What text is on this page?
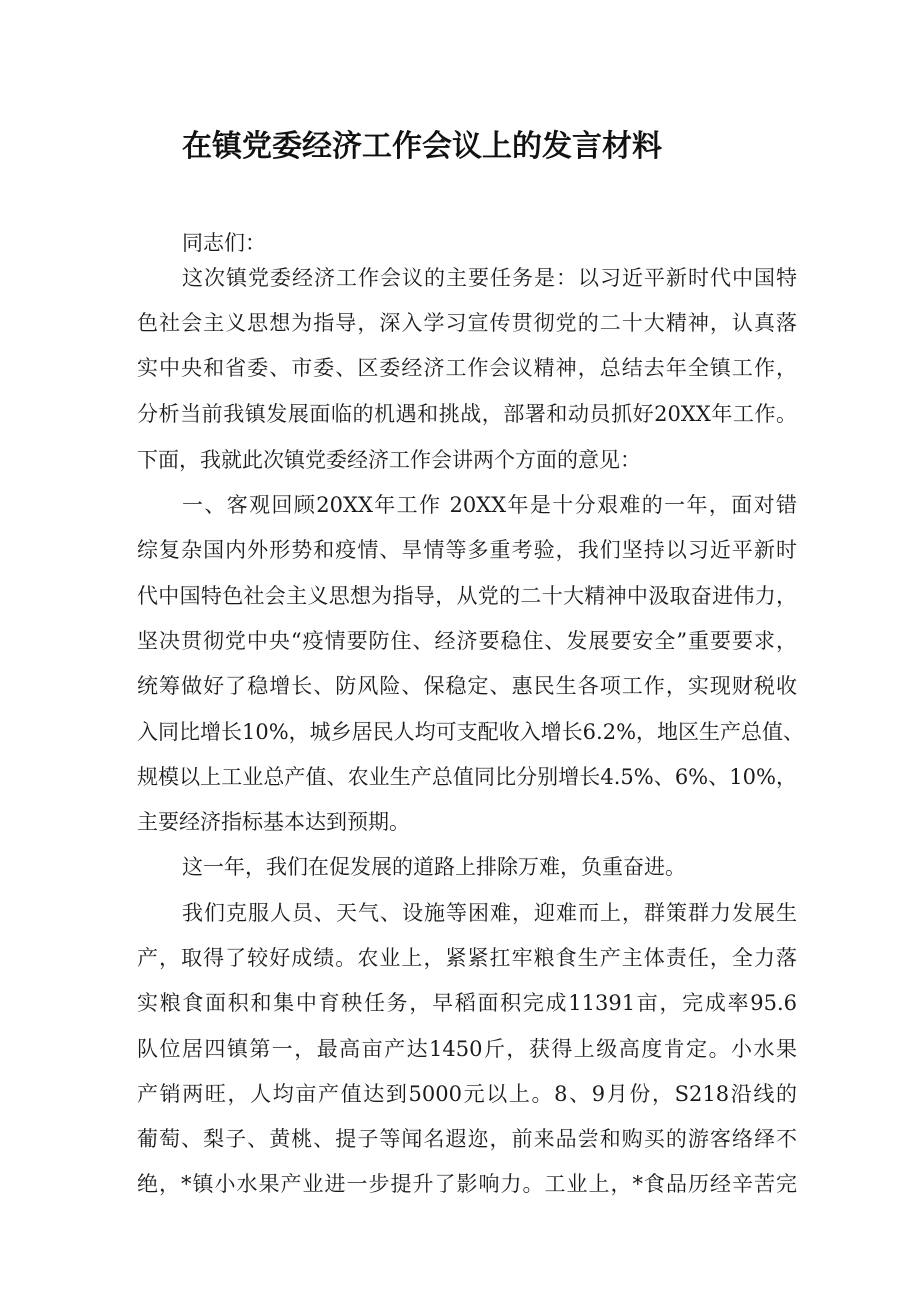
在镇党委经济工作会议上的发言材料
同志们：
这次镇党委经济工作会议的主要任务是：以习近平新时代中国特
色社会主义思想为指导，深入学习宣传贯彻党的二十大精神，认真落
实中央和省委、市委、区委经济工作会议精神，总结去年全镇工作，
分析当前我镇发展面临的机遇和挑战，部署和动员抓好20XX年工作。
下面，我就此次镇党委经济工作会讲两个方面的意见：
一、客观回顾20XX年工作 20XX年是十分艰难的一年，面对错
综复杂国内外形势和疫情、旱情等多重考验，我们坚持以习近平新时
代中国特色社会主义思想为指导，从党的二十大精神中汲取奋进伟力，
坚决贯彻党中央“疫情要防住、经济要稳住、发展要安全”重要要求，
统筹做好了稳增长、防风险、保稳定、惠民生各项工作，实现财税收
入同比增长10%，城乡居民人均可支配收入增长6.2%，地区生产总值、
规模以上工业总产值、农业生产总值同比分别增长4.5%、6%、10%，
主要经济指标基本达到预期。
这一年，我们在促发展的道路上排除万难，负重奋进。
我们克服人员、天气、设施等困难，迎难而上，群策群力发展生
产，取得了较好成绩。农业上，紧紧扛牢粮食生产主体责任，全力落
实粮食面积和集中育秧任务，早稻面积完成11391亩，完成率95.6
队位居四镇第一，最高亩产达1450斤，获得上级高度肯定。小水果
产销两旺，人均亩产值达到5000元以上。8、9月份，S218沿线的
葡萄、梨子、黄桃、提子等闻名遐迩，前来品尝和购买的游客络绎不
绝，*镇小水果产业进一步提升了影响力。工业上，*食品历经辛苦完
